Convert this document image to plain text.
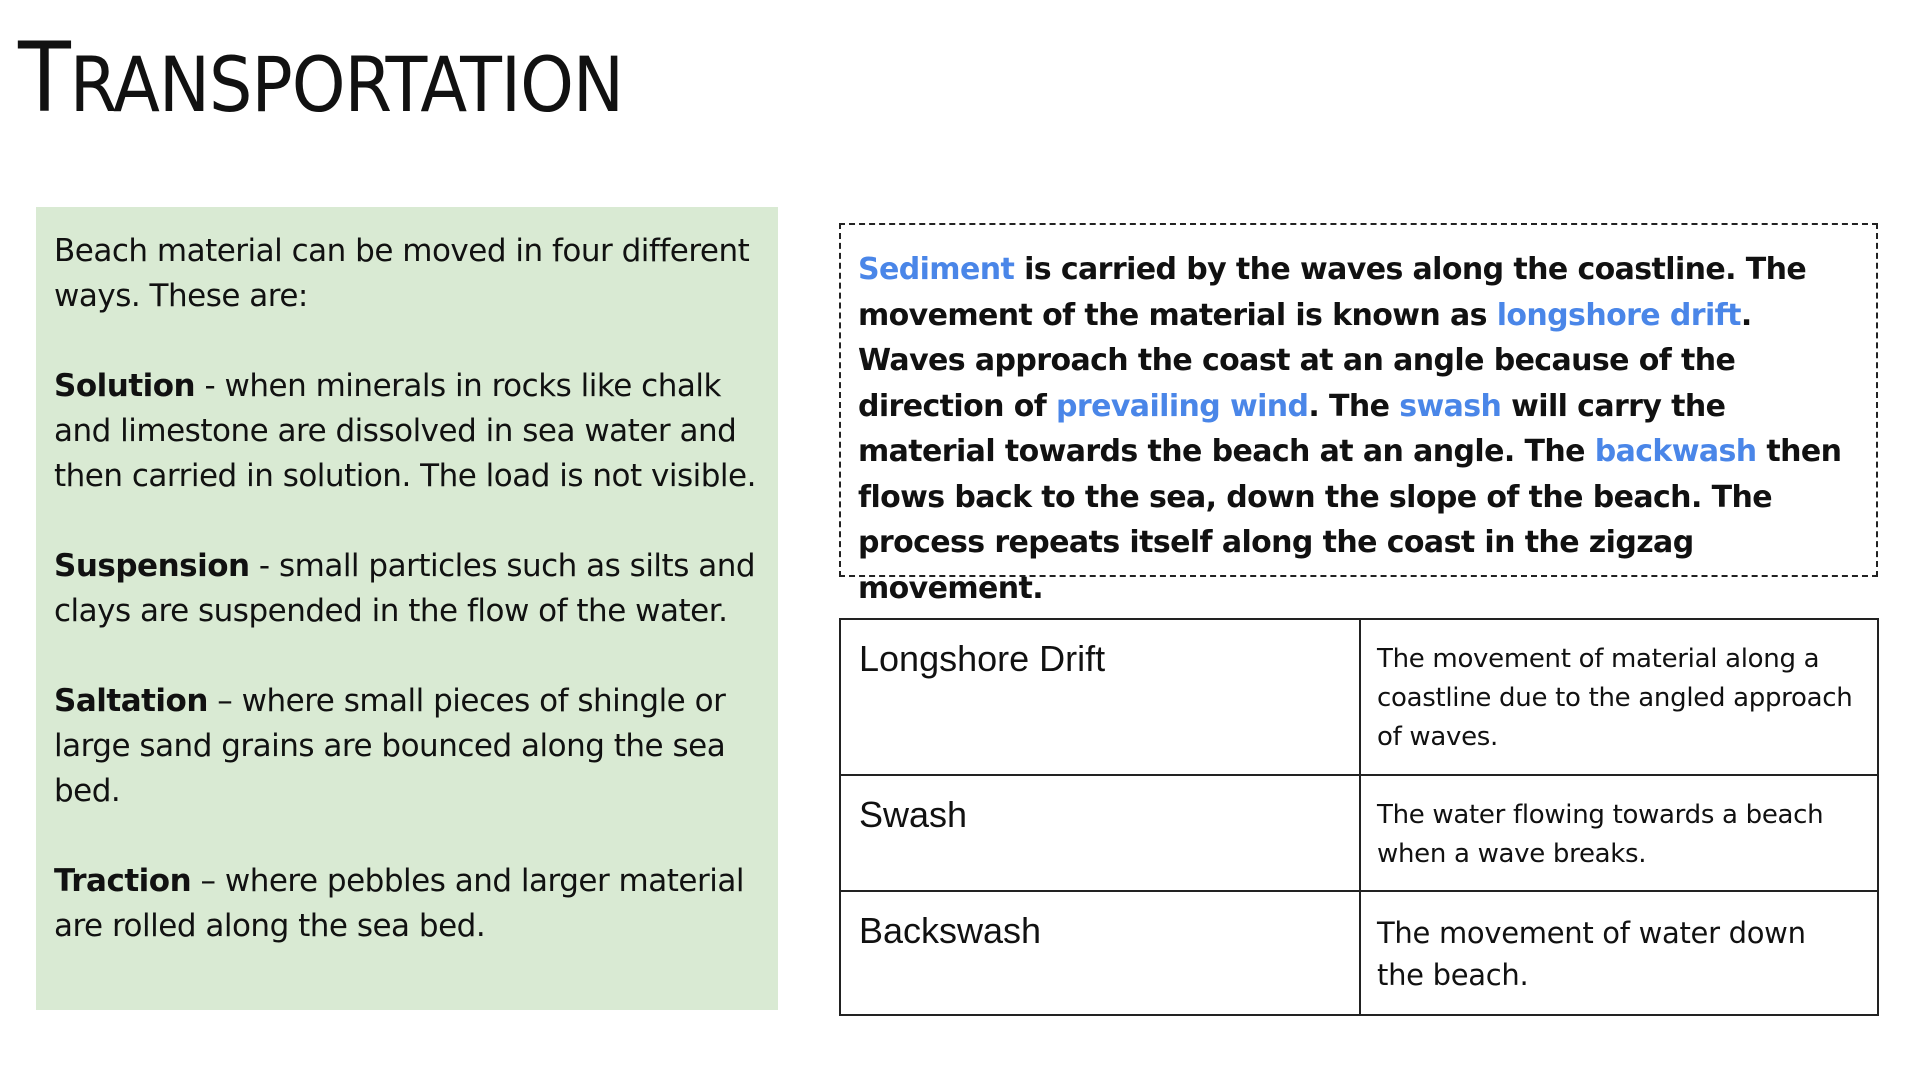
TRANSPORTATION

Beach material can be moved in four different ways. These are:

Solution - when minerals in rocks like chalk and limestone are dissolved in sea water and then carried in solution. The load is not visible.

Suspension - small particles such as silts and clays are suspended in the flow of the water.

Saltation – where small pieces of shingle or large sand grains are bounced along the sea bed.

Traction – where pebbles and larger material are rolled along the sea bed.

Sediment is carried by the waves along the coastline. The movement of the material is known as longshore drift. Waves approach the coast at an angle because of the direction of prevailing wind. The swash will carry the material towards the beach at an angle. The backwash then flows back to the sea, down the slope of the beach. The process repeats itself along the coast in the zigzag movement.
Longshore Drift	The movement of material along a coastline due to the angled approach of waves.
Swash	The water flowing towards a beach when a wave breaks.
Backswash	The movement of water down the beach.
